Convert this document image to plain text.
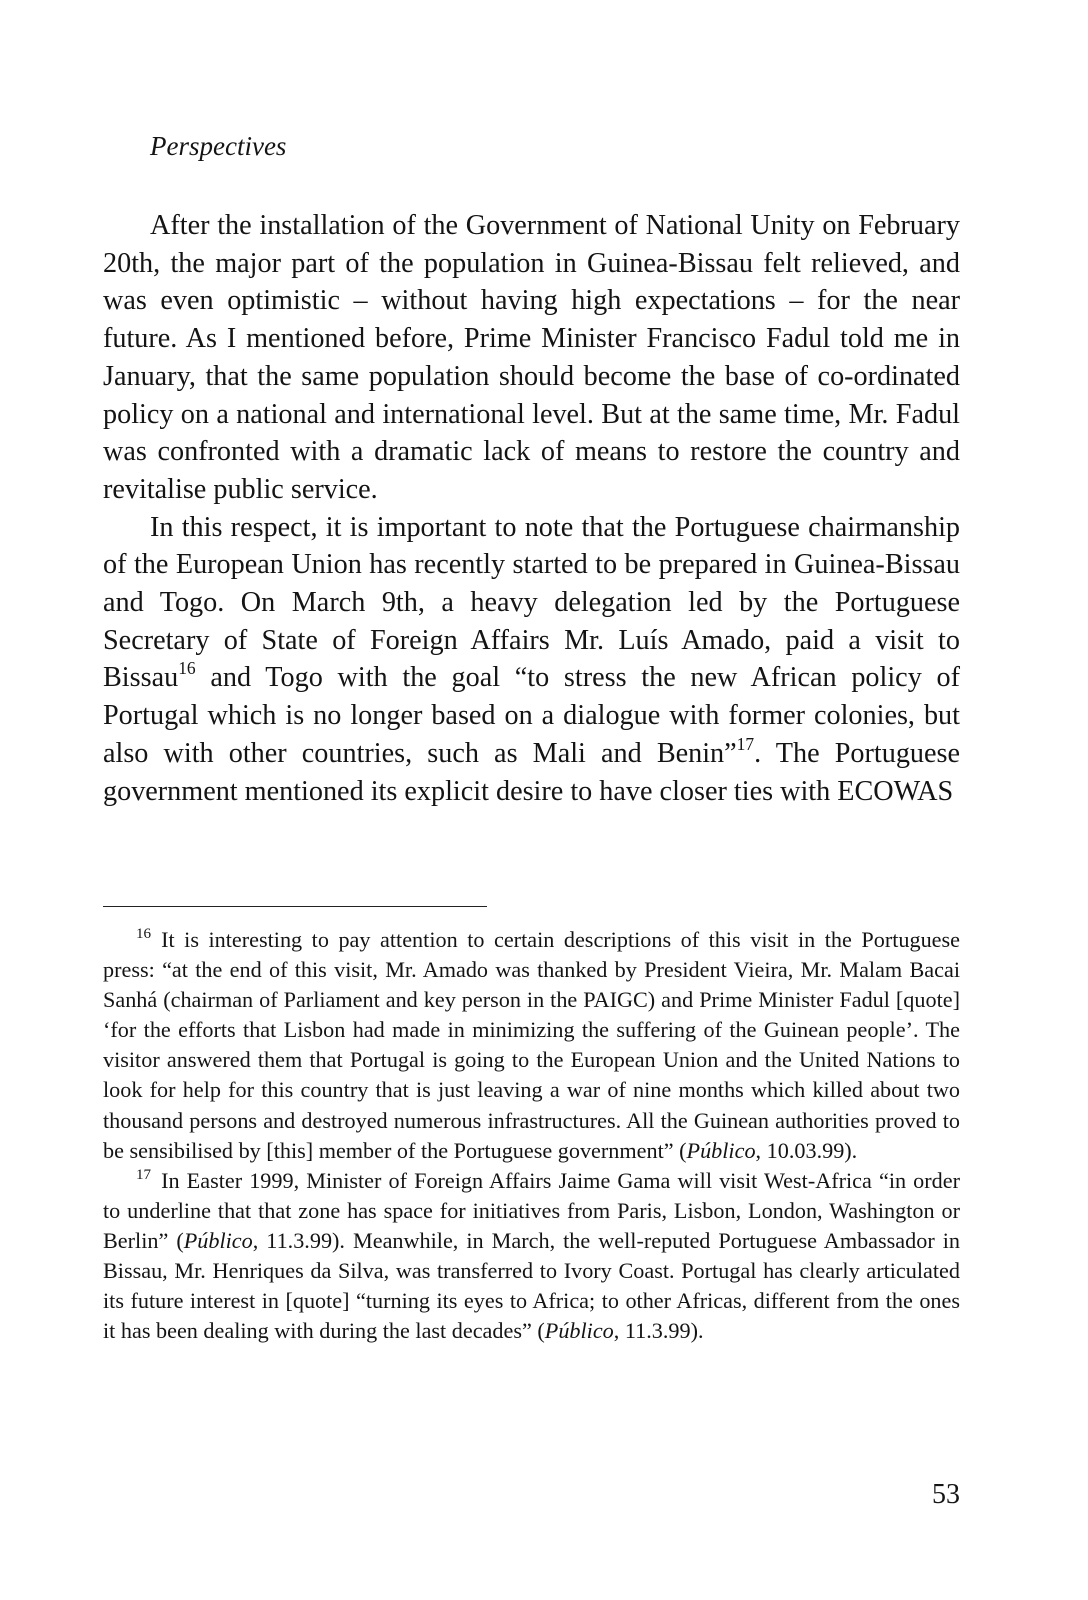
Perspectives

After the installation of the Government of National Unity on February 20th, the major part of the population in Guinea-Bissau felt relieved, and was even optimistic – without having high expectations – for the near future. As I mentioned before, Prime Minister Francisco Fadul told me in January, that the same population should become the base of co-ordinated policy on a national and international level. But at the same time, Mr. Fadul was confronted with a dramatic lack of means to restore the country and revitalise public service.

In this respect, it is important to note that the Portuguese chairmanship of the European Union has recently started to be prepared in Guinea-Bissau and Togo. On March 9th, a heavy delegation led by the Portuguese Secretary of State of Foreign Affairs Mr. Luís Amado, paid a visit to Bissau$^{16}$ and Togo with the goal “to stress the new African policy of Portugal which is no longer based on a dialogue with former colonies, but also with other countries, such as Mali and Benin”$^{17}$. The Portuguese government mentioned its explicit desire to have closer ties with ECOWAS

$^{16}$ It is interesting to pay attention to certain descriptions of this visit in the Portuguese press: “at the end of this visit, Mr. Amado was thanked by President Vieira, Mr. Malam Bacai Sanhá (chairman of Parliament and key person in the PAIGC) and Prime Minister Fadul [quote] ‘for the efforts that Lisbon had made in minimizing the suffering of the Guinean people’. The visitor answered them that Portugal is going to the European Union and the United Nations to look for help for this country that is just leaving a war of nine months which killed about two thousand persons and destroyed numerous infrastructures. All the Guinean authorities proved to be sensibilised by [this] member of the Portuguese government” (Público, 10.03.99).

$^{17}$ In Easter 1999, Minister of Foreign Affairs Jaime Gama will visit West-Africa “in order to underline that that zone has space for initiatives from Paris, Lisbon, London, Washington or Berlin” (Público, 11.3.99). Meanwhile, in March, the well-reputed Portuguese Ambassador in Bissau, Mr. Henriques da Silva, was transferred to Ivory Coast. Portugal has clearly articulated its future interest in [quote] “turning its eyes to Africa; to other Africas, different from the ones it has been dealing with during the last decades” (Público, 11.3.99).

53
